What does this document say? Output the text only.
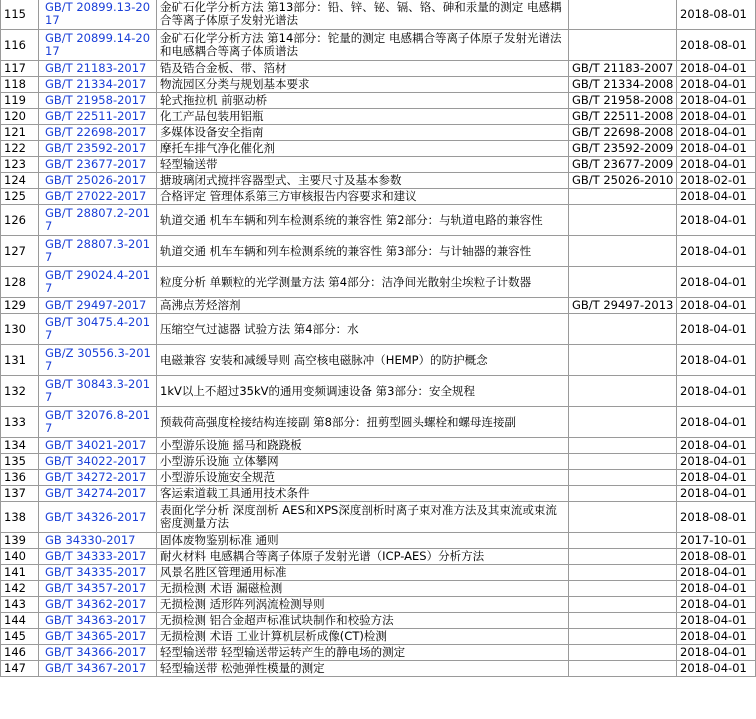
115	GB/T 20899.13-2017	金矿石化学分析方法 第13部分：铅、锌、铋、镉、铬、砷和汞量的测定 电感耦合等离子体原子发射光谱法		2018-08-01
116	GB/T 20899.14-2017	金矿石化学分析方法 第14部分：铊量的测定 电感耦合等离子体原子发射光谱法和电感耦合等离子体质谱法		2018-08-01
117	GB/T 21183-2017	锆及锆合金板、带、箔材	GB/T 21183-2007	2018-04-01
118	GB/T 21334-2017	物流园区分类与规划基本要求	GB/T 21334-2008	2018-04-01
119	GB/T 21958-2017	轮式拖拉机 前驱动桥	GB/T 21958-2008	2018-04-01
120	GB/T 22511-2017	化工产品包装用铝瓶	GB/T 22511-2008	2018-04-01
121	GB/T 22698-2017	多媒体设备安全指南	GB/T 22698-2008	2018-04-01
122	GB/T 23592-2017	摩托车排气净化催化剂	GB/T 23592-2009	2018-04-01
123	GB/T 23677-2017	轻型输送带	GB/T 23677-2009	2018-04-01
124	GB/T 25026-2017	搪玻璃闭式搅拌容器型式、主要尺寸及基本参数	GB/T 25026-2010	2018-02-01
125	GB/T 27022-2017	合格评定 管理体系第三方审核报告内容要求和建议		2018-04-01
126	GB/T 28807.2-2017	轨道交通 机车车辆和列车检测系统的兼容性 第2部分：与轨道电路的兼容性		2018-04-01
127	GB/T 28807.3-2017	轨道交通 机车车辆和列车检测系统的兼容性 第3部分：与计轴器的兼容性		2018-04-01
128	GB/T 29024.4-2017	粒度分析 单颗粒的光学测量方法 第4部分：洁净间光散射尘埃粒子计数器		2018-04-01
129	GB/T 29497-2017	高沸点芳烃溶剂	GB/T 29497-2013	2018-04-01
130	GB/T 30475.4-2017	压缩空气过滤器 试验方法 第4部分：水		2018-04-01
131	GB/Z 30556.3-2017	电磁兼容 安装和减缓导则 高空核电磁脉冲（HEMP）的防护概念		2018-04-01
132	GB/T 30843.3-2017	1kV以上不超过35kV的通用变频调速设备 第3部分：安全规程		2018-04-01
133	GB/T 32076.8-2017	预载荷高强度栓接结构连接副 第8部分：扭剪型圆头螺栓和螺母连接副		2018-04-01
134	GB/T 34021-2017	小型游乐设施 摇马和跷跷板		2018-04-01
135	GB/T 34022-2017	小型游乐设施 立体攀网		2018-04-01
136	GB/T 34272-2017	小型游乐设施安全规范		2018-04-01
137	GB/T 34274-2017	客运索道载工具通用技术条件		2018-04-01
138	GB/T 34326-2017	表面化学分析 深度剖析 AES和XPS深度剖析时离子束对准方法及其束流或束流密度测量方法		2018-08-01
139	GB 34330-2017	固体废物鉴别标准 通则		2017-10-01
140	GB/T 34333-2017	耐火材料 电感耦合等离子体原子发射光谱（ICP-AES）分析方法		2018-08-01
141	GB/T 34335-2017	风景名胜区管理通用标准		2018-04-01
142	GB/T 34357-2017	无损检测 术语 漏磁检测		2018-04-01
143	GB/T 34362-2017	无损检测 适形阵列涡流检测导则		2018-04-01
144	GB/T 34363-2017	无损检测 铝合金超声标准试块制作和校验方法		2018-04-01
145	GB/T 34365-2017	无损检测 术语 工业计算机层析成像(CT)检测		2018-04-01
146	GB/T 34366-2017	轻型输送带 轻型输送带运转产生的静电场的测定		2018-04-01
147	GB/T 34367-2017	轻型输送带 松弛弹性模量的测定		2018-04-01
